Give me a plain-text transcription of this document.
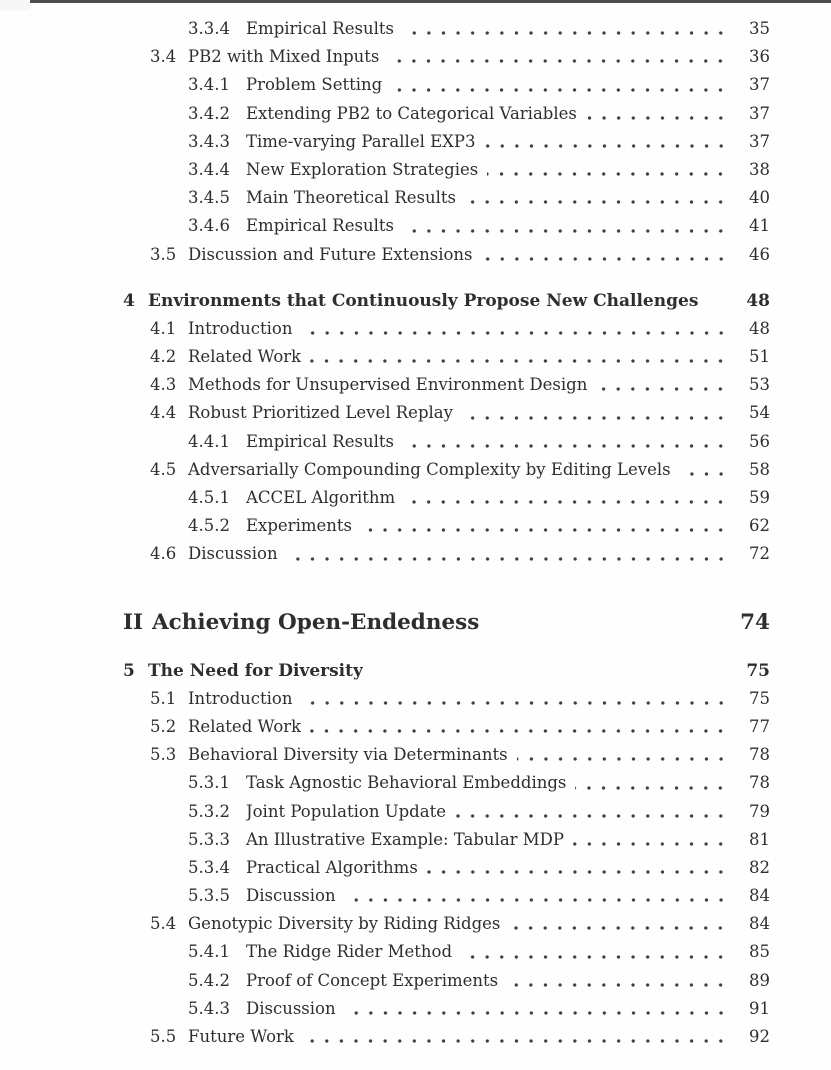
3.3.4 Empirical Results	35
3.4 PB2 with Mixed Inputs	36
3.4.1 Problem Setting	37
3.4.2 Extending PB2 to Categorical Variables	37
3.4.3 Time-varying Parallel EXP3	37
3.4.4 New Exploration Strategies	38
3.4.5 Main Theoretical Results	40
3.4.6 Empirical Results	41
3.5 Discussion and Future Extensions	46
4 Environments that Continuously Propose New Challenges	48
4.1 Introduction	48
4.2 Related Work	51
4.3 Methods for Unsupervised Environment Design	53
4.4 Robust Prioritized Level Replay	54
4.4.1 Empirical Results	56
4.5 Adversarially Compounding Complexity by Editing Levels	58
4.5.1 ACCEL Algorithm	59
4.5.2 Experiments	62
4.6 Discussion	72
II Achieving Open-Endedness	74
5 The Need for Diversity	75
5.1 Introduction	75
5.2 Related Work	77
5.3 Behavioral Diversity via Determinants	78
5.3.1 Task Agnostic Behavioral Embeddings	78
5.3.2 Joint Population Update	79
5.3.3 An Illustrative Example: Tabular MDP	81
5.3.4 Practical Algorithms	82
5.3.5 Discussion	84
5.4 Genotypic Diversity by Riding Ridges	84
5.4.1 The Ridge Rider Method	85
5.4.2 Proof of Concept Experiments	89
5.4.3 Discussion	91
5.5 Future Work	92
